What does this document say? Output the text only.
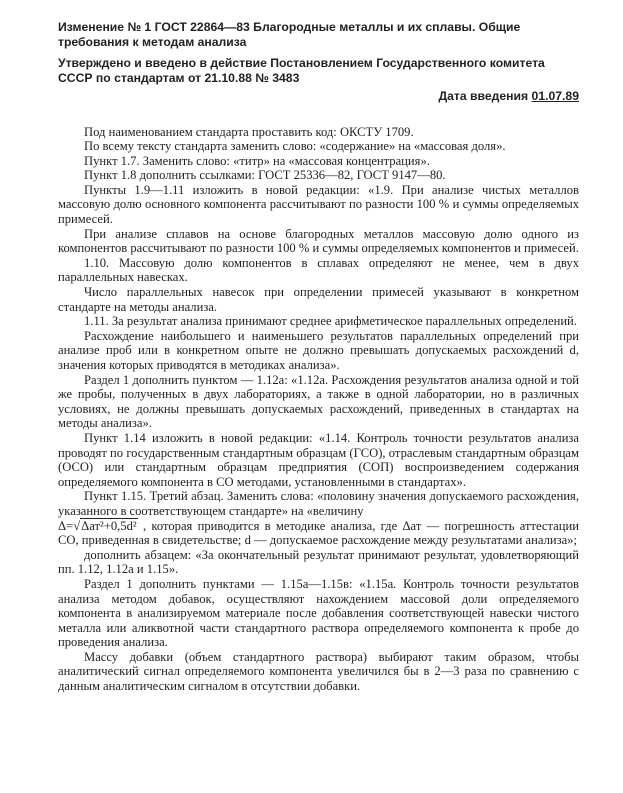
Изменение № 1 ГОСТ 22864—83 Благородные металлы и их сплавы. Общие требования к методам анализа

Утверждено и введено в действие Постановлением Государственного комитета СССР по стандартам от 21.10.88 № 3483

Дата введения 01.07.89

Под наименованием стандарта проставить код: ОКСТУ 1709.

По всему тексту стандарта заменить слово: «содержание» на «массовая доля».

Пункт 1.7. Заменить слово: «титр» на «массовая концентрация».

Пункт 1.8 дополнить ссылками: ГОСТ 25336—82, ГОСТ 9147—80.

Пункты 1.9—1.11 изложить в новой редакции: «1.9. При анализе чистых металлов массовую долю основного компонента рассчитывают по разности 100 % и суммы определяемых примесей.

При анализе сплавов на основе благородных металлов массовую долю одного из компонентов рассчитывают по разности 100 % и суммы определяемых компонентов и примесей.

1.10. Массовую долю компонентов в сплавах определяют не менее, чем в двух параллельных навесках.

Число параллельных навесок при определении примесей указывают в конкретном стандарте на методы анализа.

1.11. За результат анализа принимают среднее арифметическое параллельных определений.

Расхождение наибольшего и наименьшего результатов параллельных определений при анализе проб или в конкретном опыте не должно превышать допускаемых расхождений d, значения которых приводятся в методиках анализа».

Раздел 1 дополнить пунктом — 1.12а: «1.12а. Расхождения результатов анализа одной и той же пробы, полученных в двух лабораториях, а также в одной лаборатории, но в различных условиях, не должны превышать допускаемых расхождений, приведенных в стандартах на методы анализа».

Пункт 1.14 изложить в новой редакции: «1.14. Контроль точности результатов анализа проводят по государственным стандартным образцам (ГСО), отраслевым стандартным образцам (ОСО) или стандартным образцам предприятия (СОП) воспроизведением содержания определяемого компонента в СО методами, установленными в стандартах».

Пункт 1.15. Третий абзац. Заменить слова: «половину значения допускаемого расхождения, указанного в соответствующем стандарте» на «величину

Δ=√Δат²+0,5d² , которая приводится в методике анализа, где Δат — погрешность аттестации СО, приведенная в свидетельстве; d — допускаемое расхождение между результатами анализа»;

дополнить абзацем: «За окончательный результат принимают результат, удовлетворяющий пп. 1.12, 1.12а и 1.15».

Раздел 1 дополнить пунктами — 1.15а—1.15в: «1.15а. Контроль точности результатов анализа методом добавок, осуществляют нахождением массовой доли определяемого компонента в анализируемом материале после добавления соответствующей навески чистого металла или аликвотной части стандартного раствора определяемого компонента к пробе до проведения анализа.

Массу добавки (объем стандартного раствора) выбирают таким образом, чтобы аналитический сигнал определяемого компонента увеличился бы в 2—3 раза по сравнению с данным аналитическим сигналом в отсутствии добавки.
